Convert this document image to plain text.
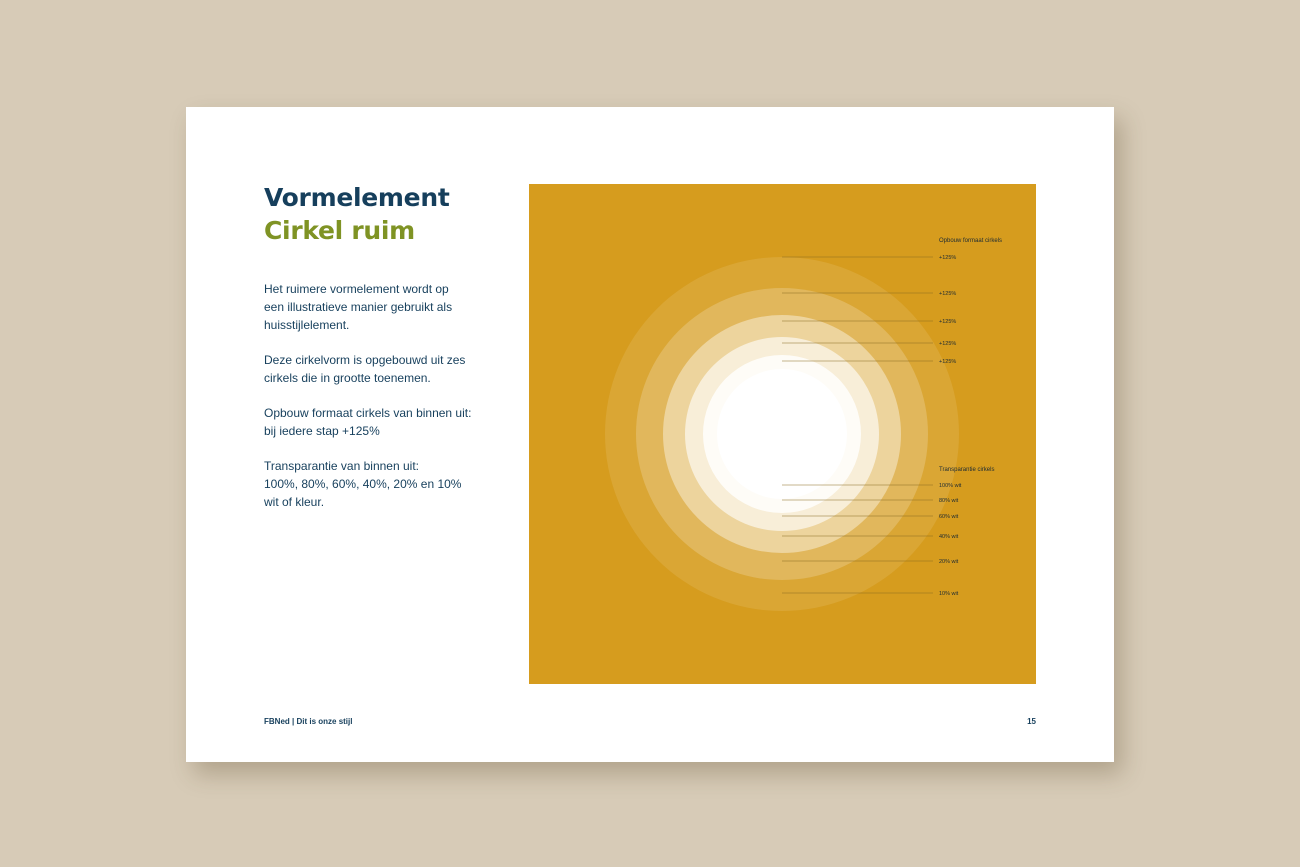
Vormelement
Cirkel ruim

Het ruimere vormelement wordt op
een illustratieve manier gebruikt als
huisstijlelement.

Deze cirkelvorm is opgebouwd uit zes
cirkels die in grootte toenemen.

Opbouw formaat cirkels van binnen uit:
bij iedere stap +125%

Transparantie van binnen uit:
100%, 80%, 60%, 40%, 20% en 10%
wit of kleur.

Opbouw formaat cirkels
+125%
+125%
+125%
+125%
+125%
Transparantie cirkels
100% wit
80% wit
60% wit
40% wit
20% wit
10% wit
FBNed | Dit is onze stijl	15
